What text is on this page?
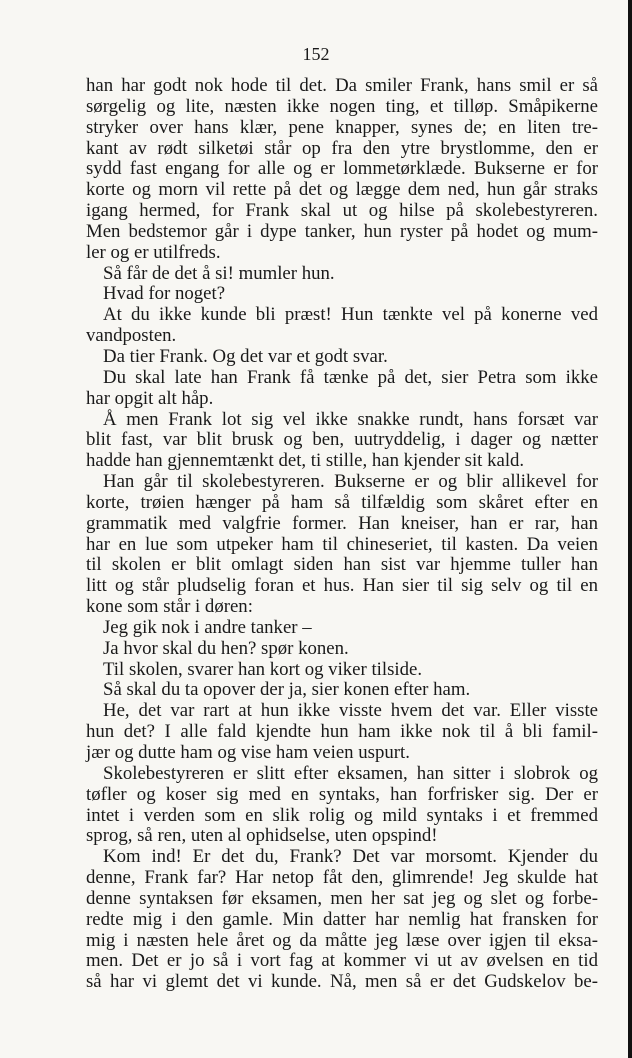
152
han har godt nok hode til det. Da smiler Frank, hans smil er så
sørgelig og lite, næsten ikke nogen ting, et tilløp. Småpikerne
stryker over hans klær, pene knapper, synes de; en liten tre-
kant av rødt silketøi står op fra den ytre brystlomme, den er
sydd fast engang for alle og er lommetørklæde. Bukserne er for
korte og morn vil rette på det og lægge dem ned, hun går straks
igang hermed, for Frank skal ut og hilse på skolebestyreren.
Men bedstemor går i dype tanker, hun ryster på hodet og mum-
ler og er utilfreds.
Så får de det å si! mumler hun.
Hvad for noget?
At du ikke kunde bli præst! Hun tænkte vel på konerne ved
vandposten.
Da tier Frank. Og det var et godt svar.
Du skal late han Frank få tænke på det, sier Petra som ikke
har opgit alt håp.
Å men Frank lot sig vel ikke snakke rundt, hans forsæt var
blit fast, var blit brusk og ben, uutryddelig, i dager og nætter
hadde han gjennemtænkt det, ti stille, han kjender sit kald.
Han går til skolebestyreren. Bukserne er og blir allikevel for
korte, trøien hænger på ham så tilfældig som skåret efter en
grammatik med valgfrie former. Han kneiser, han er rar, han
har en lue som utpeker ham til chineseriet, til kasten. Da veien
til skolen er blit omlagt siden han sist var hjemme tuller han
litt og står pludselig foran et hus. Han sier til sig selv og til en
kone som står i døren:
Jeg gik nok i andre tanker –
Ja hvor skal du hen? spør konen.
Til skolen, svarer han kort og viker tilside.
Så skal du ta opover der ja, sier konen efter ham.
He, det var rart at hun ikke visste hvem det var. Eller visste
hun det? I alle fald kjendte hun ham ikke nok til å bli famil-
jær og dutte ham og vise ham veien uspurt.
Skolebestyreren er slitt efter eksamen, han sitter i slobrok og
tøfler og koser sig med en syntaks, han forfrisker sig. Der er
intet i verden som en slik rolig og mild syntaks i et fremmed
sprog, så ren, uten al ophidselse, uten opspind!
Kom ind! Er det du, Frank? Det var morsomt. Kjender du
denne, Frank far? Har netop fåt den, glimrende! Jeg skulde hat
denne syntaksen før eksamen, men her sat jeg og slet og forbe-
redte mig i den gamle. Min datter har nemlig hat fransken for
mig i næsten hele året og da måtte jeg læse over igjen til eksa-
men. Det er jo så i vort fag at kommer vi ut av øvelsen en tid
så har vi glemt det vi kunde. Nå, men så er det Gudskelov be-
